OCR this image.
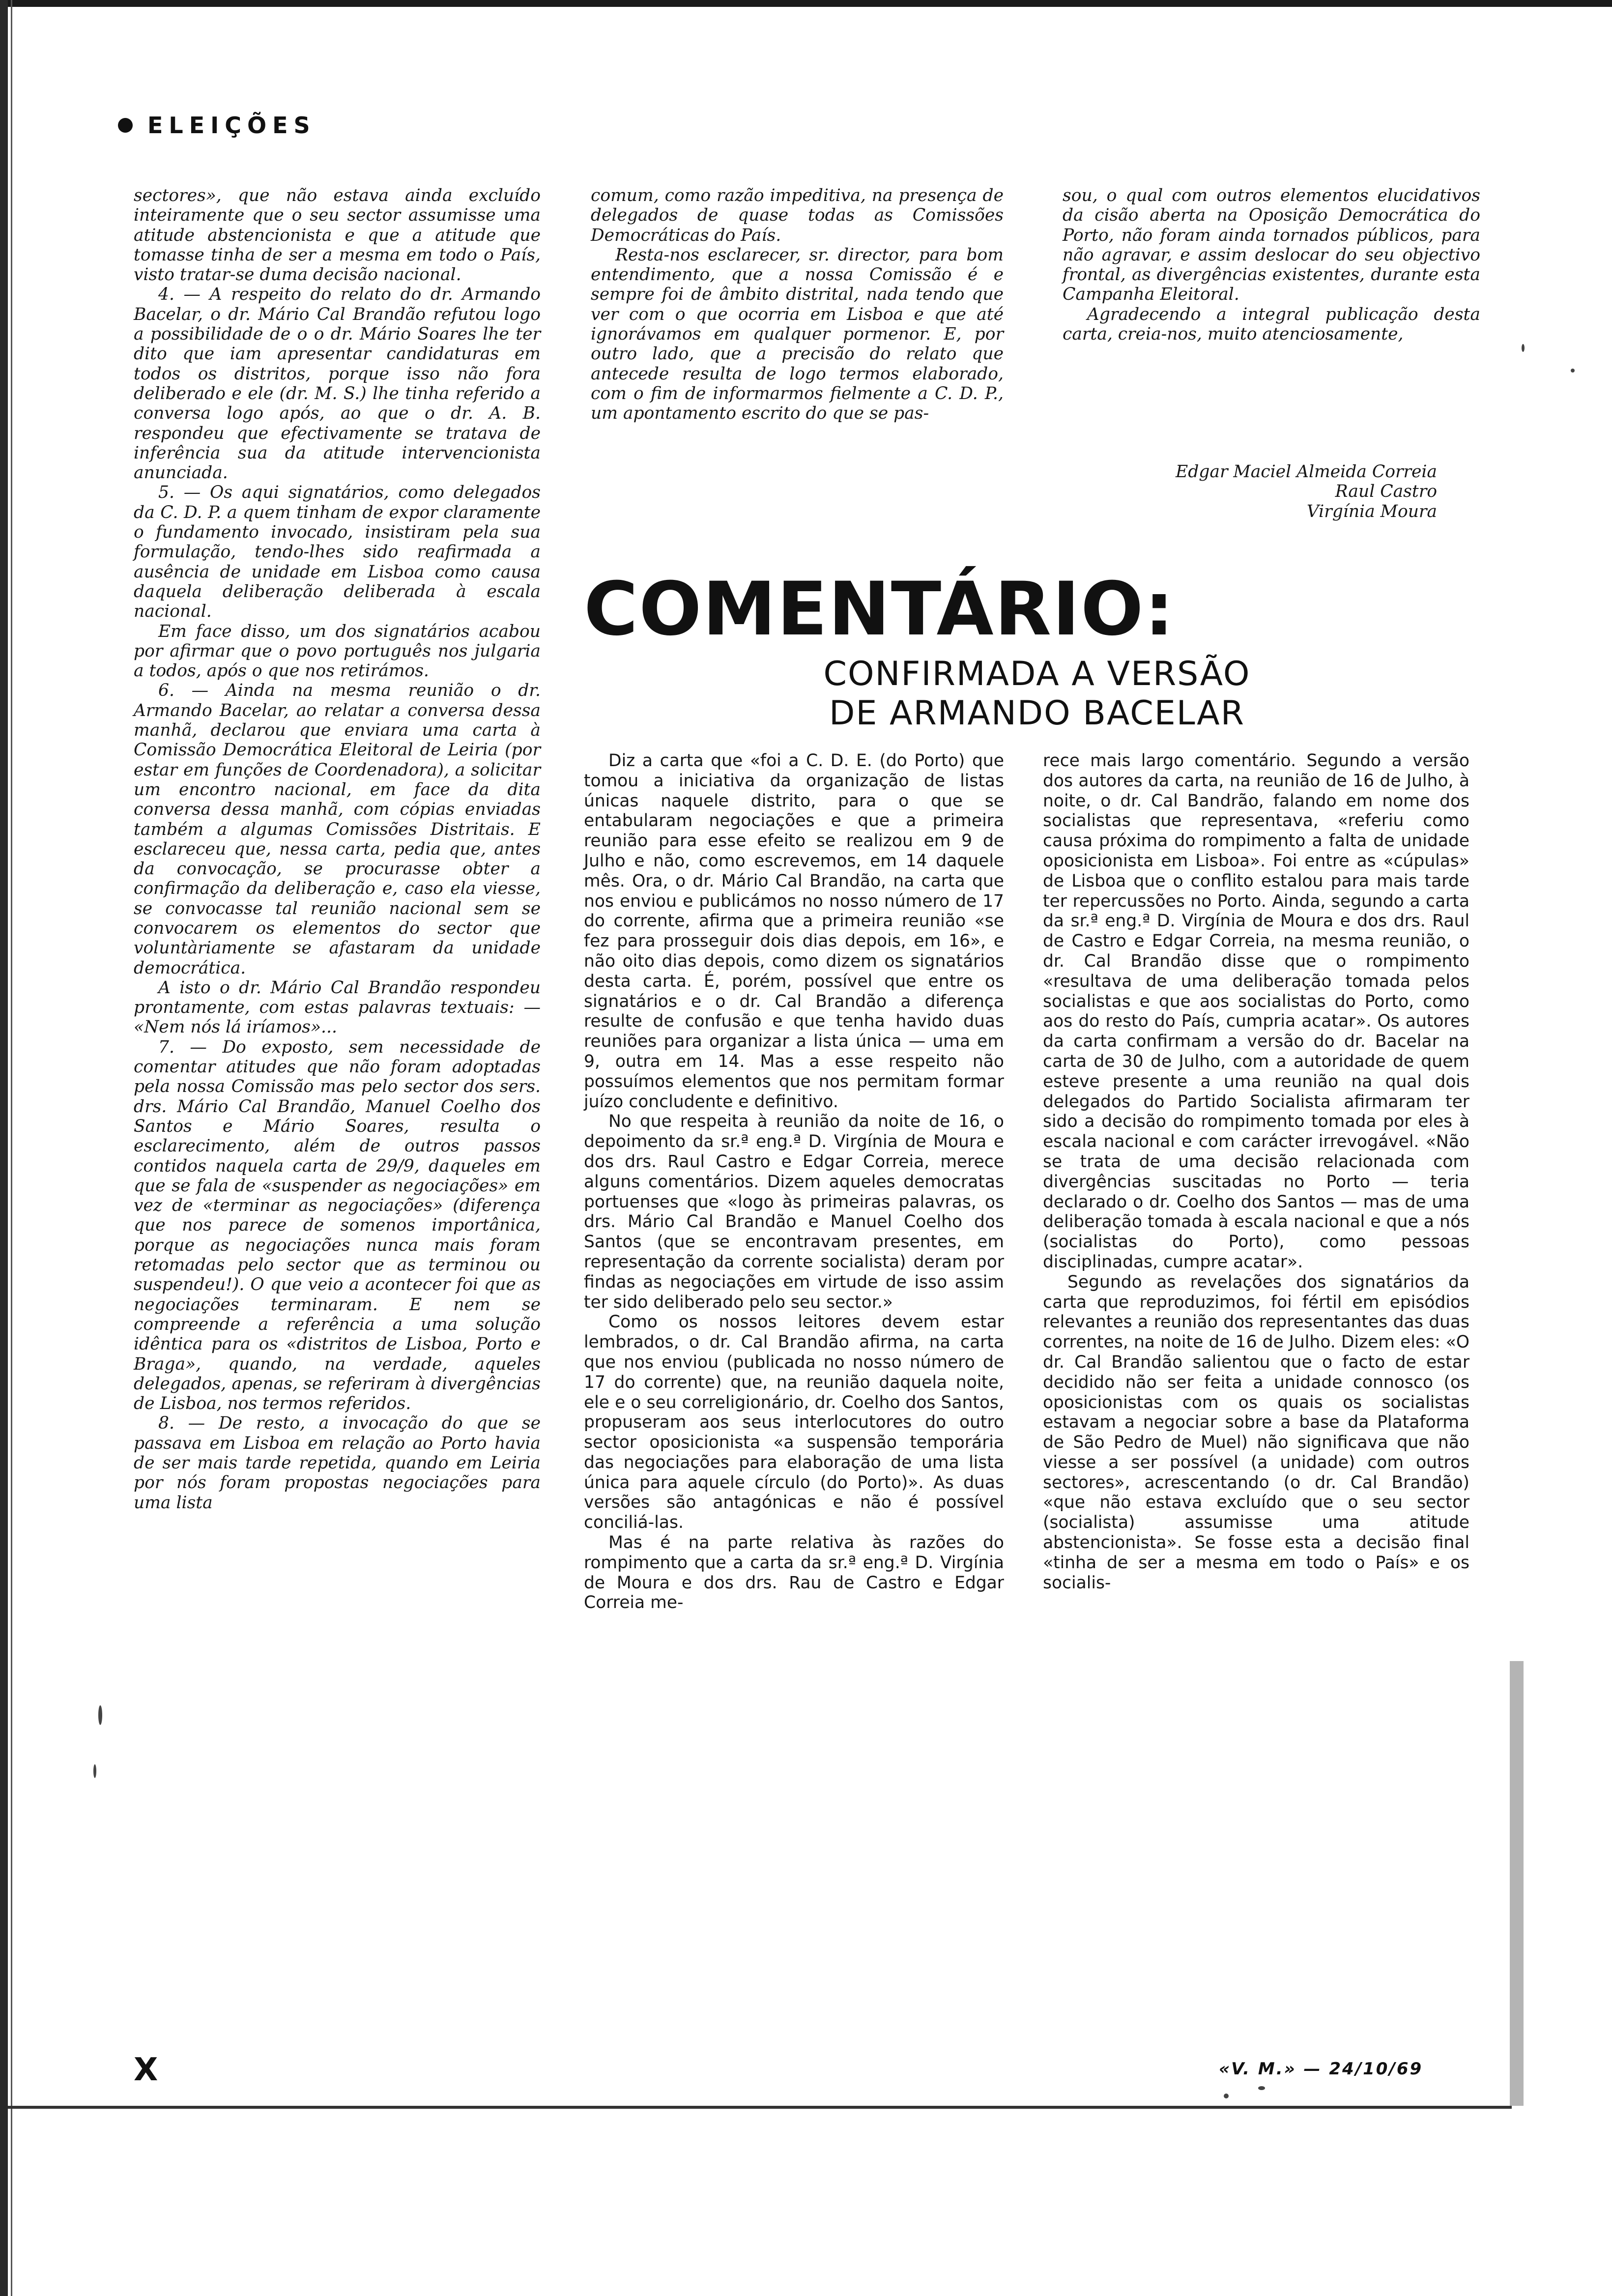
ELEIÇÕES

sectores», que não estava ainda excluído inteiramente que o seu sector assumisse uma atitude abstencionista e que a atitude que tomasse tinha de ser a mesma em todo o País, visto tratar-se duma decisão nacional.

4. — A respeito do relato do dr. Armando Bacelar, o dr. Mário Cal Brandão refutou logo a possibilidade de o o dr. Mário Soares lhe ter dito que iam apresentar candidaturas em todos os distritos, porque isso não fora deliberado e ele (dr. M. S.) lhe tinha referido a conversa logo após, ao que o dr. A. B. respondeu que efectivamente se tratava de inferência sua da atitude intervencionista anunciada.

5. — Os aqui signatários, como delegados da C. D. P. a quem tinham de expor claramente o fundamento invocado, insistiram pela sua formulação, tendo-lhes sido reafirmada a ausência de unidade em Lisboa como causa daquela deliberação deliberada à escala nacional.

Em face disso, um dos signatários acabou por afirmar que o povo português nos julgaria a todos, após o que nos retirámos.

6. — Ainda na mesma reunião o dr. Armando Bacelar, ao relatar a conversa dessa manhã, declarou que enviara uma carta à Comissão Democrática Eleitoral de Leiria (por estar em funções de Coordenadora), a solicitar um encontro nacional, em face da dita conversa dessa manhã, com cópias enviadas também a algumas Comissões Distritais. E esclareceu que, nessa carta, pedia que, antes da convocação, se procurasse obter a confirmação da deliberação e, caso ela viesse, se convocasse tal reunião nacional sem se convocarem os elementos do sector que voluntàriamente se afastaram da unidade democrática.

A isto o dr. Mário Cal Brandão respondeu prontamente, com estas palavras textuais: — «Nem nós lá iríamos»...

7. — Do exposto, sem necessidade de comentar atitudes que não foram adoptadas pela nossa Comissão mas pelo sector dos sers. drs. Mário Cal Brandão, Manuel Coelho dos Santos e Mário Soares, resulta o esclarecimento, além de outros passos contidos naquela carta de 29/9, daqueles em que se fala de «suspender as negociações» em vez de «terminar as negociações» (diferença que nos parece de somenos importânica, porque as negociações nunca mais foram retomadas pelo sector que as terminou ou suspendeu!). O que veio a acontecer foi que as negociações terminaram. E nem se compreende a referência a uma solução idêntica para os «distritos de Lisboa, Porto e Braga», quando, na verdade, aqueles delegados, apenas, se referiram à divergências de Lisboa, nos termos referidos.

8. — De resto, a invocação do que se passava em Lisboa em relação ao Porto havia de ser mais tarde repetida, quando em Leiria por nós foram propostas negociações para uma lista

comum, como razão impeditiva, na presença de delegados de quase todas as Comissões Democráticas do País.

Resta-nos esclarecer, sr. director, para bom entendimento, que a nossa Comissão é e sempre foi de âmbito distrital, nada tendo que ver com o que ocorria em Lisboa e que até ignorávamos em qualquer pormenor. E, por outro lado, que a precisão do relato que antecede resulta de logo termos elaborado, com o fim de informarmos fielmente a C. D. P., um apontamento escrito do que se pas-

sou, o qual com outros elementos elucidativos da cisão aberta na Oposição Democrática do Porto, não foram ainda tornados públicos, para não agravar, e assim deslocar do seu objectivo frontal, as divergências existentes, durante esta Campanha Eleitoral.

Agradecendo a integral publicação desta carta, creia-nos, muito atenciosamente,

Edgar Maciel Almeida Correia
Raul Castro
Virgínia Moura
COMENTÁRIO:
CONFIRMADA A VERSÃO
DE ARMANDO BACELAR

Diz a carta que «foi a C. D. E. (do Porto) que tomou a iniciativa da organização de listas únicas naquele distrito, para o que se entabularam negociações e que a primeira reunião para esse efeito se realizou em 9 de Julho e não, como escrevemos, em 14 daquele mês. Ora, o dr. Mário Cal Brandão, na carta que nos enviou e publicámos no nosso número de 17 do corrente, afirma que a primeira reunião «se fez para prosseguir dois dias depois, em 16», e não oito dias depois, como dizem os signatários desta carta. É, porém, possível que entre os signatários e o dr. Cal Brandão a diferença resulte de confusão e que tenha havido duas reuniões para organizar a lista única — uma em 9, outra em 14. Mas a esse respeito não possuímos elementos que nos permitam formar juízo concludente e definitivo.

No que respeita à reunião da noite de 16, o depoimento da sr.ª eng.ª D. Virgínia de Moura e dos drs. Raul Castro e Edgar Correia, merece alguns comentários. Dizem aqueles democratas portuenses que «logo às primeiras palavras, os drs. Mário Cal Brandão e Manuel Coelho dos Santos (que se encontravam presentes, em representação da corrente socialista) deram por findas as negociações em virtude de isso assim ter sido deliberado pelo seu sector.»

Como os nossos leitores devem estar lembrados, o dr. Cal Brandão afirma, na carta que nos enviou (publicada no nosso número de 17 do corrente) que, na reunião daquela noite, ele e o seu correligionário, dr. Coelho dos Santos, propuseram aos seus interlocutores do outro sector oposicionista «a suspensão temporária das negociações para elaboração de uma lista única para aquele círculo (do Porto)». As duas versões são antagónicas e não é possível conciliá-las.

Mas é na parte relativa às razões do rompimento que a carta da sr.ª eng.ª D. Virgínia de Moura e dos drs. Rau de Castro e Edgar Correia me-

rece mais largo comentário. Segundo a versão dos autores da carta, na reunião de 16 de Julho, à noite, o dr. Cal Bandrão, falando em nome dos socialistas que representava, «referiu como causa próxima do rompimento a falta de unidade oposicionista em Lisboa». Foi entre as «cúpulas» de Lisboa que o conflito estalou para mais tarde ter repercussões no Porto. Ainda, segundo a carta da sr.ª eng.ª D. Virgínia de Moura e dos drs. Raul de Castro e Edgar Correia, na mesma reunião, o dr. Cal Brandão disse que o rompimento «resultava de uma deliberação tomada pelos socialistas e que aos socialistas do Porto, como aos do resto do País, cumpria acatar». Os autores da carta confirmam a versão do dr. Bacelar na carta de 30 de Julho, com a autoridade de quem esteve presente a uma reunião na qual dois delegados do Partido Socialista afirmaram ter sido a decisão do rompimento tomada por eles à escala nacional e com carácter irrevogável. «Não se trata de uma decisão relacionada com divergências suscitadas no Porto — teria declarado o dr. Coelho dos Santos — mas de uma deliberação tomada à escala nacional e que a nós (socialistas do Porto), como pessoas disciplinadas, cumpre acatar».

Segundo as revelações dos signatários da carta que reproduzimos, foi fértil em episódios relevantes a reunião dos representantes das duas correntes, na noite de 16 de Julho. Dizem eles: «O dr. Cal Brandão salientou que o facto de estar decidido não ser feita a unidade connosco (os oposicionistas com os quais os socialistas estavam a negociar sobre a base da Plataforma de São Pedro de Muel) não significava que não viesse a ser possível (a unidade) com outros sectores», acrescentando (o dr. Cal Brandão) «que não estava excluído que o seu sector (socialista) assumisse uma atitude abstencionista». Se fosse esta a decisão final «tinha de ser a mesma em todo o País» e os socialis-

X	«V. M.» — 24/10/69
